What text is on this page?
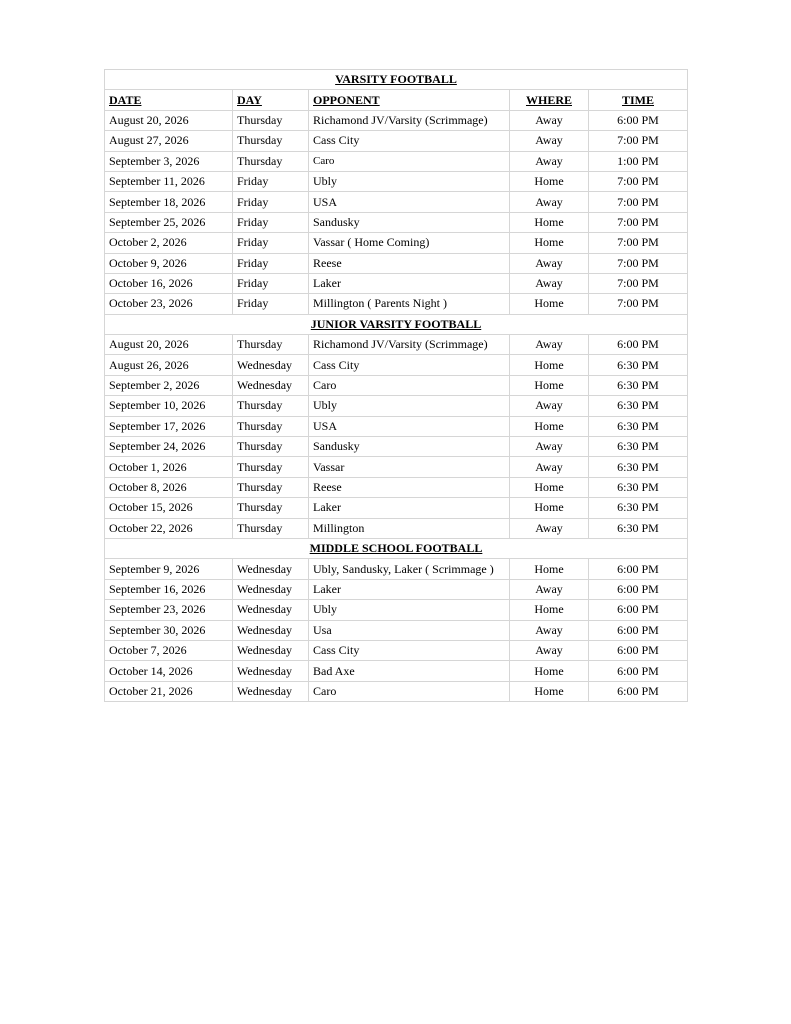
VARSITY FOOTBALL				
DATE	DAY	OPPONENT	WHERE	TIME
August 20, 2026	Thursday	Richamond JV/Varsity (Scrimmage)	Away	6:00 PM
August 27, 2026	Thursday	Cass City	Away	7:00 PM
September 3, 2026	Thursday	Caro	Away	1:00 PM
September 11, 2026	Friday	Ubly	Home	7:00 PM
September 18, 2026	Friday	USA	Away	7:00 PM
September 25, 2026	Friday	Sandusky	Home	7:00 PM
October 2, 2026	Friday	Vassar ( Home Coming)	Home	7:00 PM
October 9, 2026	Friday	Reese	Away	7:00 PM
October 16, 2026	Friday	Laker	Away	7:00 PM
October 23, 2026	Friday	Millington ( Parents Night )	Home	7:00 PM
JUNIOR VARSITY FOOTBALL				
August 20, 2026	Thursday	Richamond JV/Varsity (Scrimmage)	Away	6:00 PM
August 26, 2026	Wednesday	Cass City	Home	6:30 PM
September 2, 2026	Wednesday	Caro	Home	6:30 PM
September 10, 2026	Thursday	Ubly	Away	6:30 PM
September 17, 2026	Thursday	USA	Home	6:30 PM
September 24, 2026	Thursday	Sandusky	Away	6:30 PM
October 1, 2026	Thursday	Vassar	Away	6:30 PM
October 8, 2026	Thursday	Reese	Home	6:30 PM
October 15, 2026	Thursday	Laker	Home	6:30 PM
October 22, 2026	Thursday	Millington	Away	6:30 PM
MIDDLE SCHOOL FOOTBALL				
September 9, 2026	Wednesday	Ubly, Sandusky, Laker ( Scrimmage )	Home	6:00 PM
September 16, 2026	Wednesday	Laker	Away	6:00 PM
September 23, 2026	Wednesday	Ubly	Home	6:00 PM
September 30, 2026	Wednesday	Usa	Away	6:00 PM
October 7, 2026	Wednesday	Cass City	Away	6:00 PM
October 14, 2026	Wednesday	Bad Axe	Home	6:00 PM
October 21, 2026	Wednesday	Caro	Home	6:00 PM
